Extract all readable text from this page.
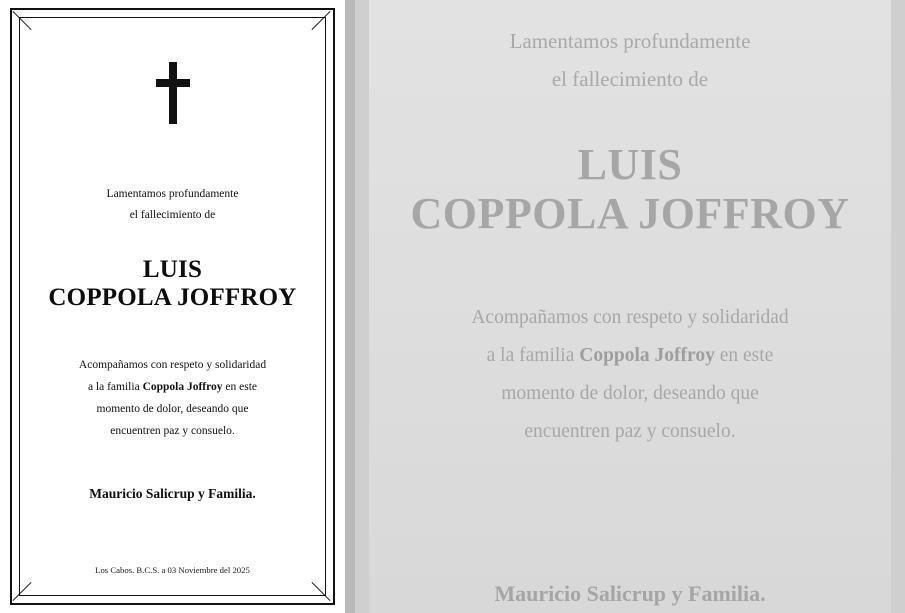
Lamentamos profundamente
el fallecimiento de
LUIS
COPPOLA JOFFROY
Acompañamos con respeto y solidaridad
a la familia Coppola Joffroy en este
momento de dolor, deseando que
encuentren paz y consuelo.
Mauricio Salicrup y Familia.
Los Cabos. B.C.S. a 03 Noviembre del 2025
Lamentamos profundamente
el fallecimiento de
LUIS
COPPOLA JOFFROY
Acompañamos con respeto y solidaridad
a la familia Coppola Joffroy en este
momento de dolor, deseando que
encuentren paz y consuelo.
Mauricio Salicrup y Familia.
